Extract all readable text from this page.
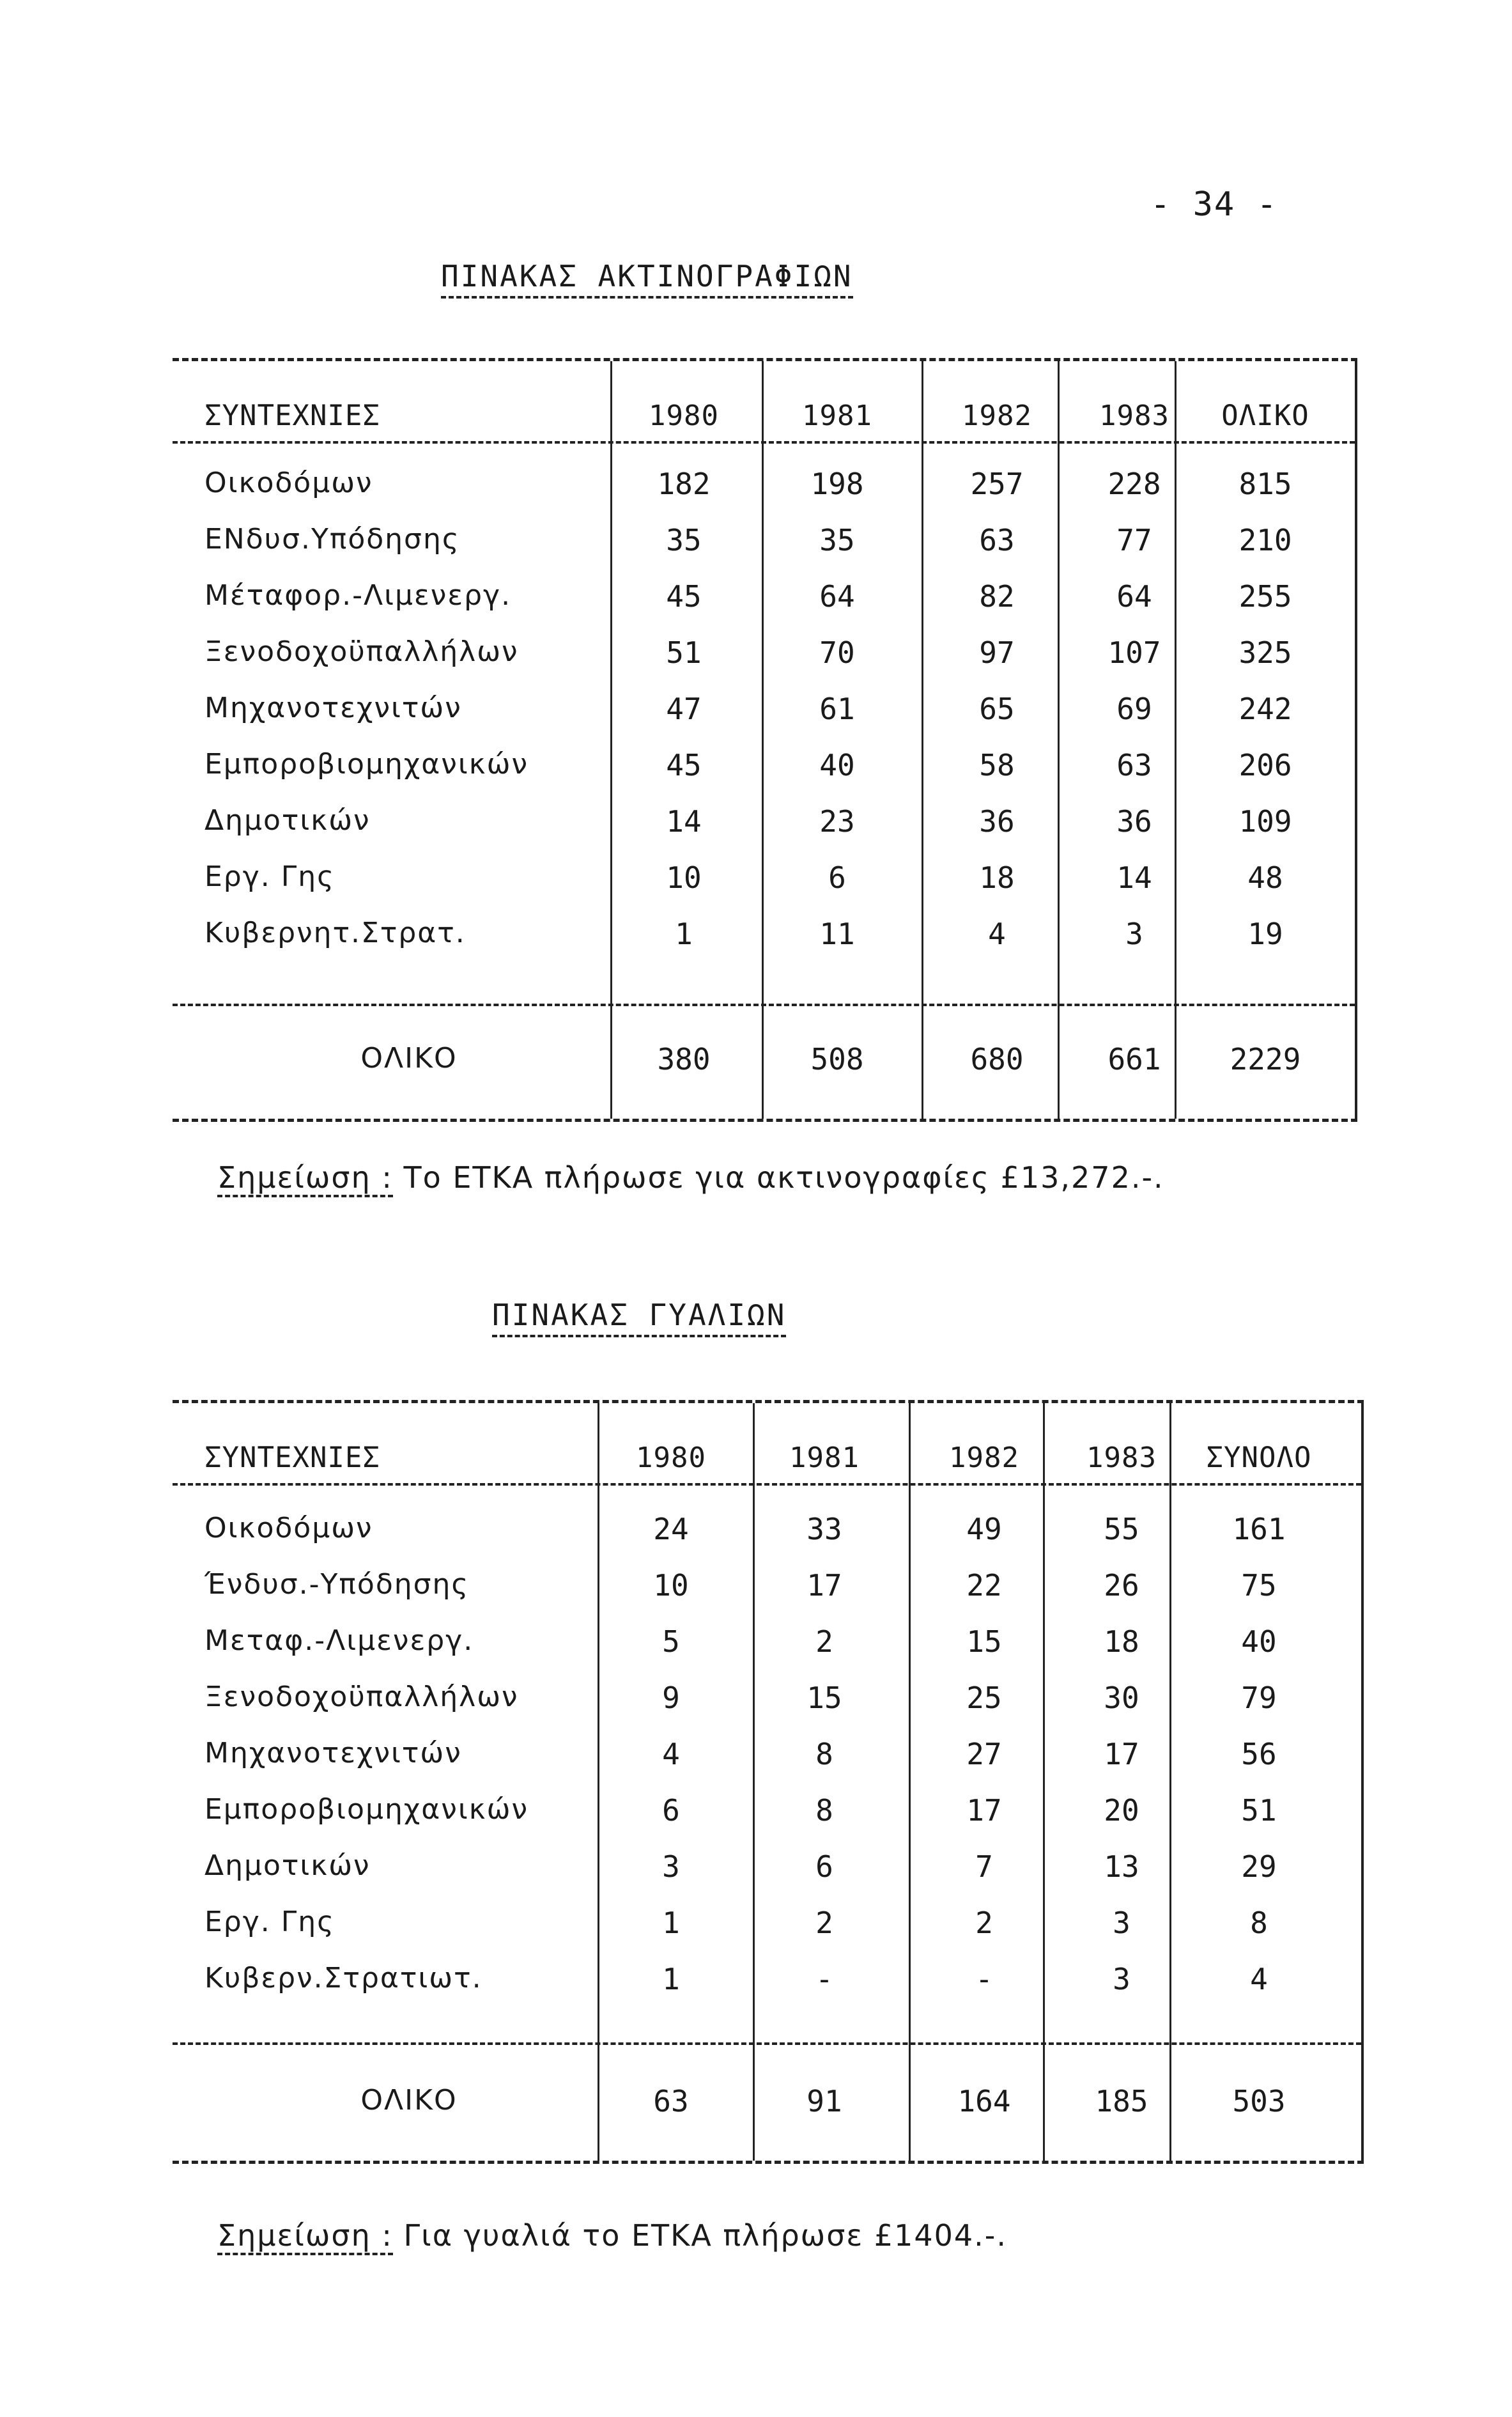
- 34 -
ΠΙΝΑΚΑΣ ΑΚΤΙΝΟΓΡΑΦΙΩΝ
ΣΥΝΤΕΧΝΙΕΣ	1980	1981	1982	1983	ΟΛΙΚΟ
Οικοδόμων	182	198	257	228	815
ΕΝδυσ.Υπόδησης	35	35	63	77	210
Μέταφορ.-Λιμενεργ.	45	64	82	64	255
Ξενοδοχοϋπαλλήλων	51	70	97	107	325
Μηχανοτεχνιτών	47	61	65	69	242
Εμποροβιομηχανικών	45	40	58	63	206
Δημοτικών	14	23	36	36	109
Εργ. Γης	10	6	18	14	48
Κυβερνητ.Στρατ.	1	11	4	3	19
ΟΛΙΚΟ	380	508	680	661	2229
Σημείωση : Το ΕΤΚΑ πλήρωσε για ακτινογραφίες £13,272.-.
ΠΙΝΑΚΑΣ ΓΥΑΛΙΩΝ
ΣΥΝΤΕΧΝΙΕΣ	1980	1981	1982	1983	ΣΥΝΟΛΟ
Οικοδόμων	24	33	49	55	161
Ένδυσ.-Υπόδησης	10	17	22	26	75
Μεταφ.-Λιμενεργ.	5	2	15	18	40
Ξενοδοχοϋπαλλήλων	9	15	25	30	79
Μηχανοτεχνιτών	4	8	27	17	56
Εμποροβιομηχανικών	6	8	17	20	51
Δημοτικών	3	6	7	13	29
Εργ. Γης	1	2	2	3	8
Κυβερν.Στρατιωτ.	1	-	-	3	4
ΟΛΙΚΟ	63	91	164	185	503
Σημείωση : Για γυαλιά το ΕΤΚΑ πλήρωσε £1404.-.
